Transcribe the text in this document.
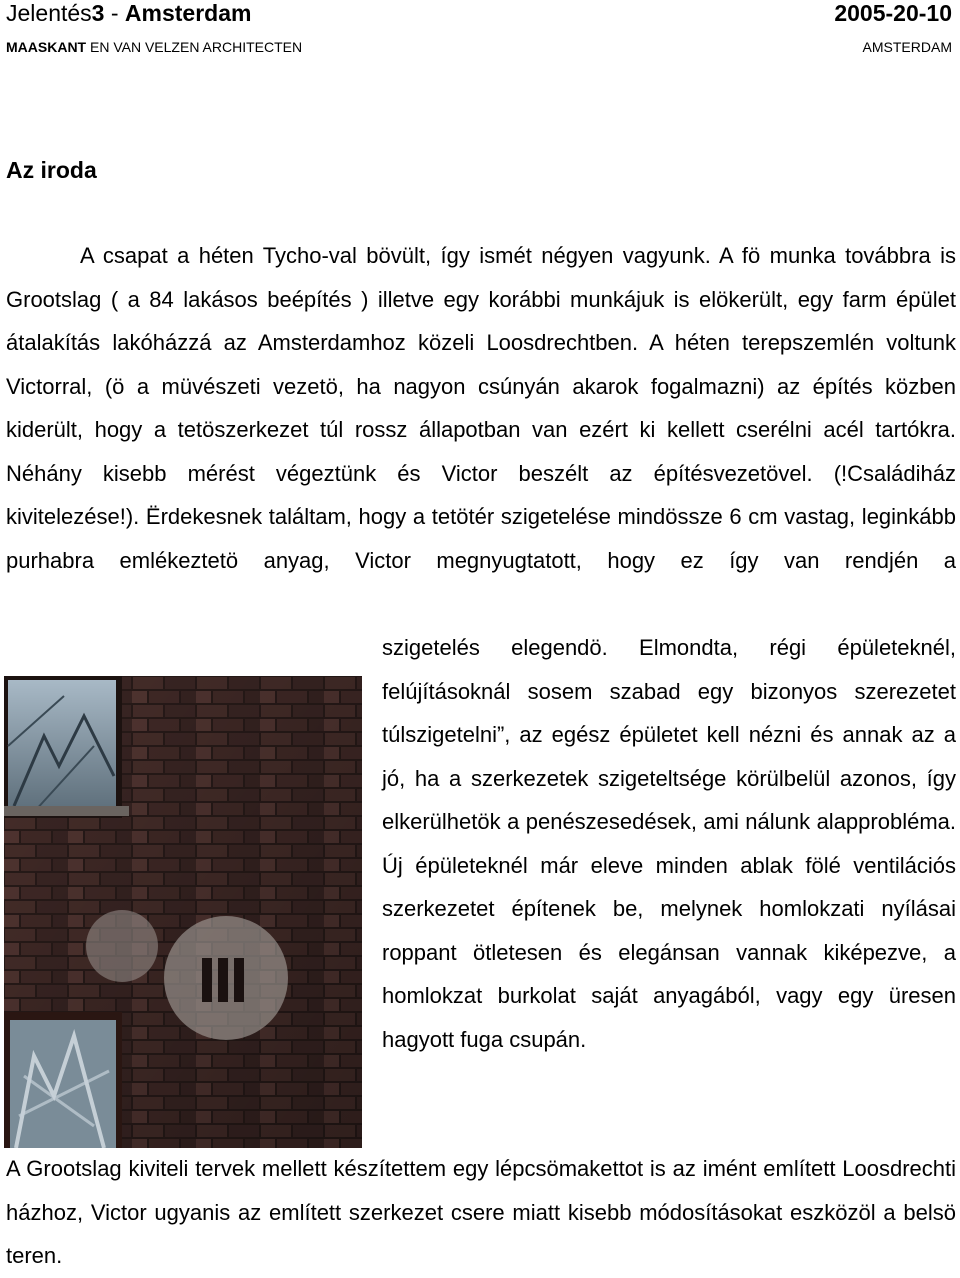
Jelentés3 - Amsterdam	2005-20-10
MAASKANT EN VAN VELZEN ARCHITECTEN	AMSTERDAM
Az iroda

A csapat a héten Tycho-val bövült, így ismét négyen vagyunk. A fö munka továbbra is Grootslag ( a 84 lakásos beépítés ) illetve egy korábbi munkájuk is elökerült, egy farm épület átalakítás lakóházzá az Amsterdamhoz közeli Loosdrechtben. A héten terepszemlén voltunk Victorral, (ö a müvészeti vezetö, ha nagyon csúnyán akarok fogalmazni) az építés közben kiderült, hogy a tetöszerkezet túl rossz állapotban van ezért ki kellett cserélni acél tartókra. Néhány kisebb mérést végeztünk és Victor beszélt az építésvezetövel. (!Családiház kivitelezése!). Ërdekesnek találtam, hogy a tetötér szigetelése mindössze 6 cm vastag, leginkább purhabra emlékeztetö anyag, Victor megnyugtatott, hogy ez így van rendjén a

szigetelés elegendö. Elmondta, régi épületeknél, felújításoknál sosem szabad egy bizonyos szerezetet túlszigetelni”, az egész épületet kell nézni és annak az a jó, ha a szerkezetek szigeteltsége körülbelül azonos, így elkerülhetök a penészesedések, ami nálunk alapprobléma. Új épületeknél már eleve minden ablak fölé ventilációs szerkezetet építenek be, melynek homlokzati nyílásai roppant ötletesen és elegánsan vannak kiképezve, a homlokzat burkolat saját anyagából, vagy egy üresen hagyott fuga csupán.

A Grootslag kiviteli tervek mellett készítettem egy lépcsömakettot is az imént említett Loosdrechti házhoz, Victor ugyanis az említett szerkezet csere miatt kisebb módosításokat eszközöl a belsö teren.
